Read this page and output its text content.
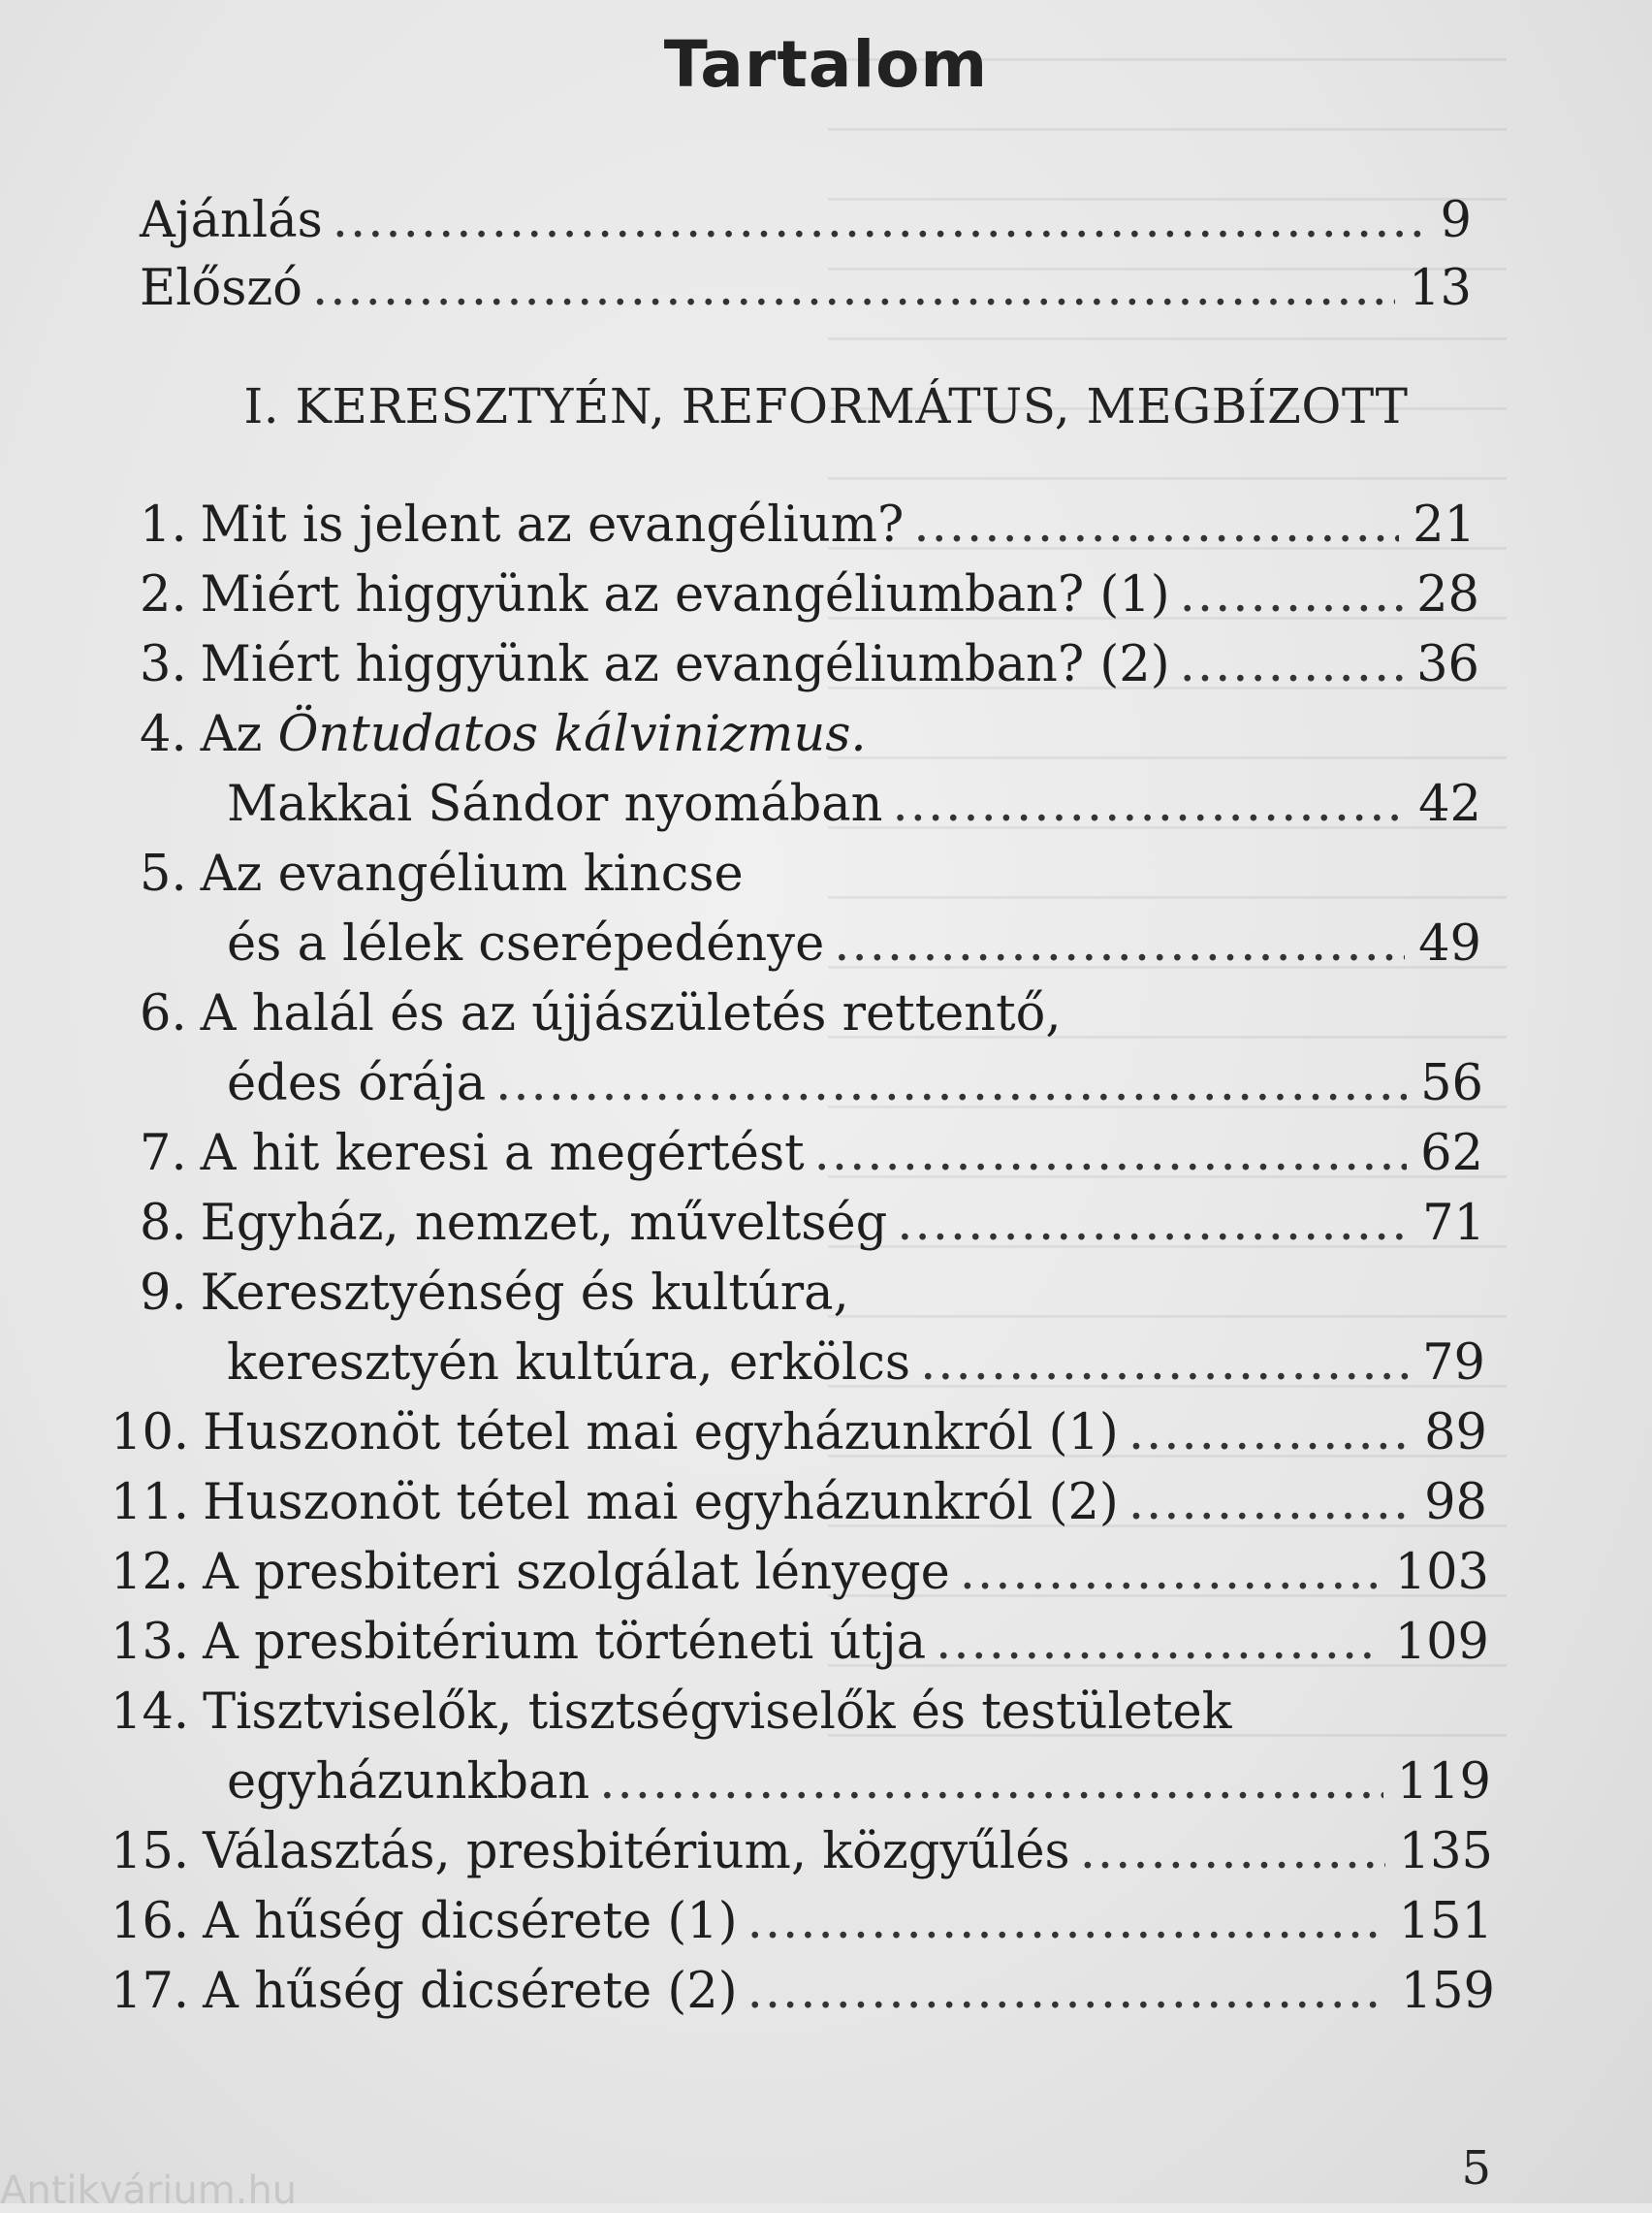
Tartalom
Ajánlás .....	9
Előszó .....	13
I. KERESZTYÉN, REFORMÁTUS, MEGBÍZOTT
1. Mit is jelent az evangélium? .....	21
2. Miért higgyünk az evangéliumban? (1) .....	28
3. Miért higgyünk az evangéliumban? (2) .....	36
4. Az Öntudatos kálvinizmus.
Makkai Sándor nyomában .....	42
5. Az evangélium kincse
és a lélek cserépedénye .....	49
6. A halál és az újjászületés rettentő,
édes órája .....	56
7. A hit keresi a megértést .....	62
8. Egyház, nemzet, műveltség .....	71
9. Keresztyénség és kultúra,
keresztyén kultúra, erkölcs .....	79
10. Huszonöt tétel mai egyházunkról (1) .....	89
11. Huszonöt tétel mai egyházunkról (2) .....	98
12. A presbiteri szolgálat lényege .....	103
13. A presbitérium történeti útja .....	109
14. Tisztviselők, tisztségviselők és testületek
egyházunkban .....	119
15. Választás, presbitérium, közgyűlés .....	135
16. A hűség dicsérete (1) .....	151
17. A hűség dicsérete (2) .....	159
5
Antikvárium.hu
